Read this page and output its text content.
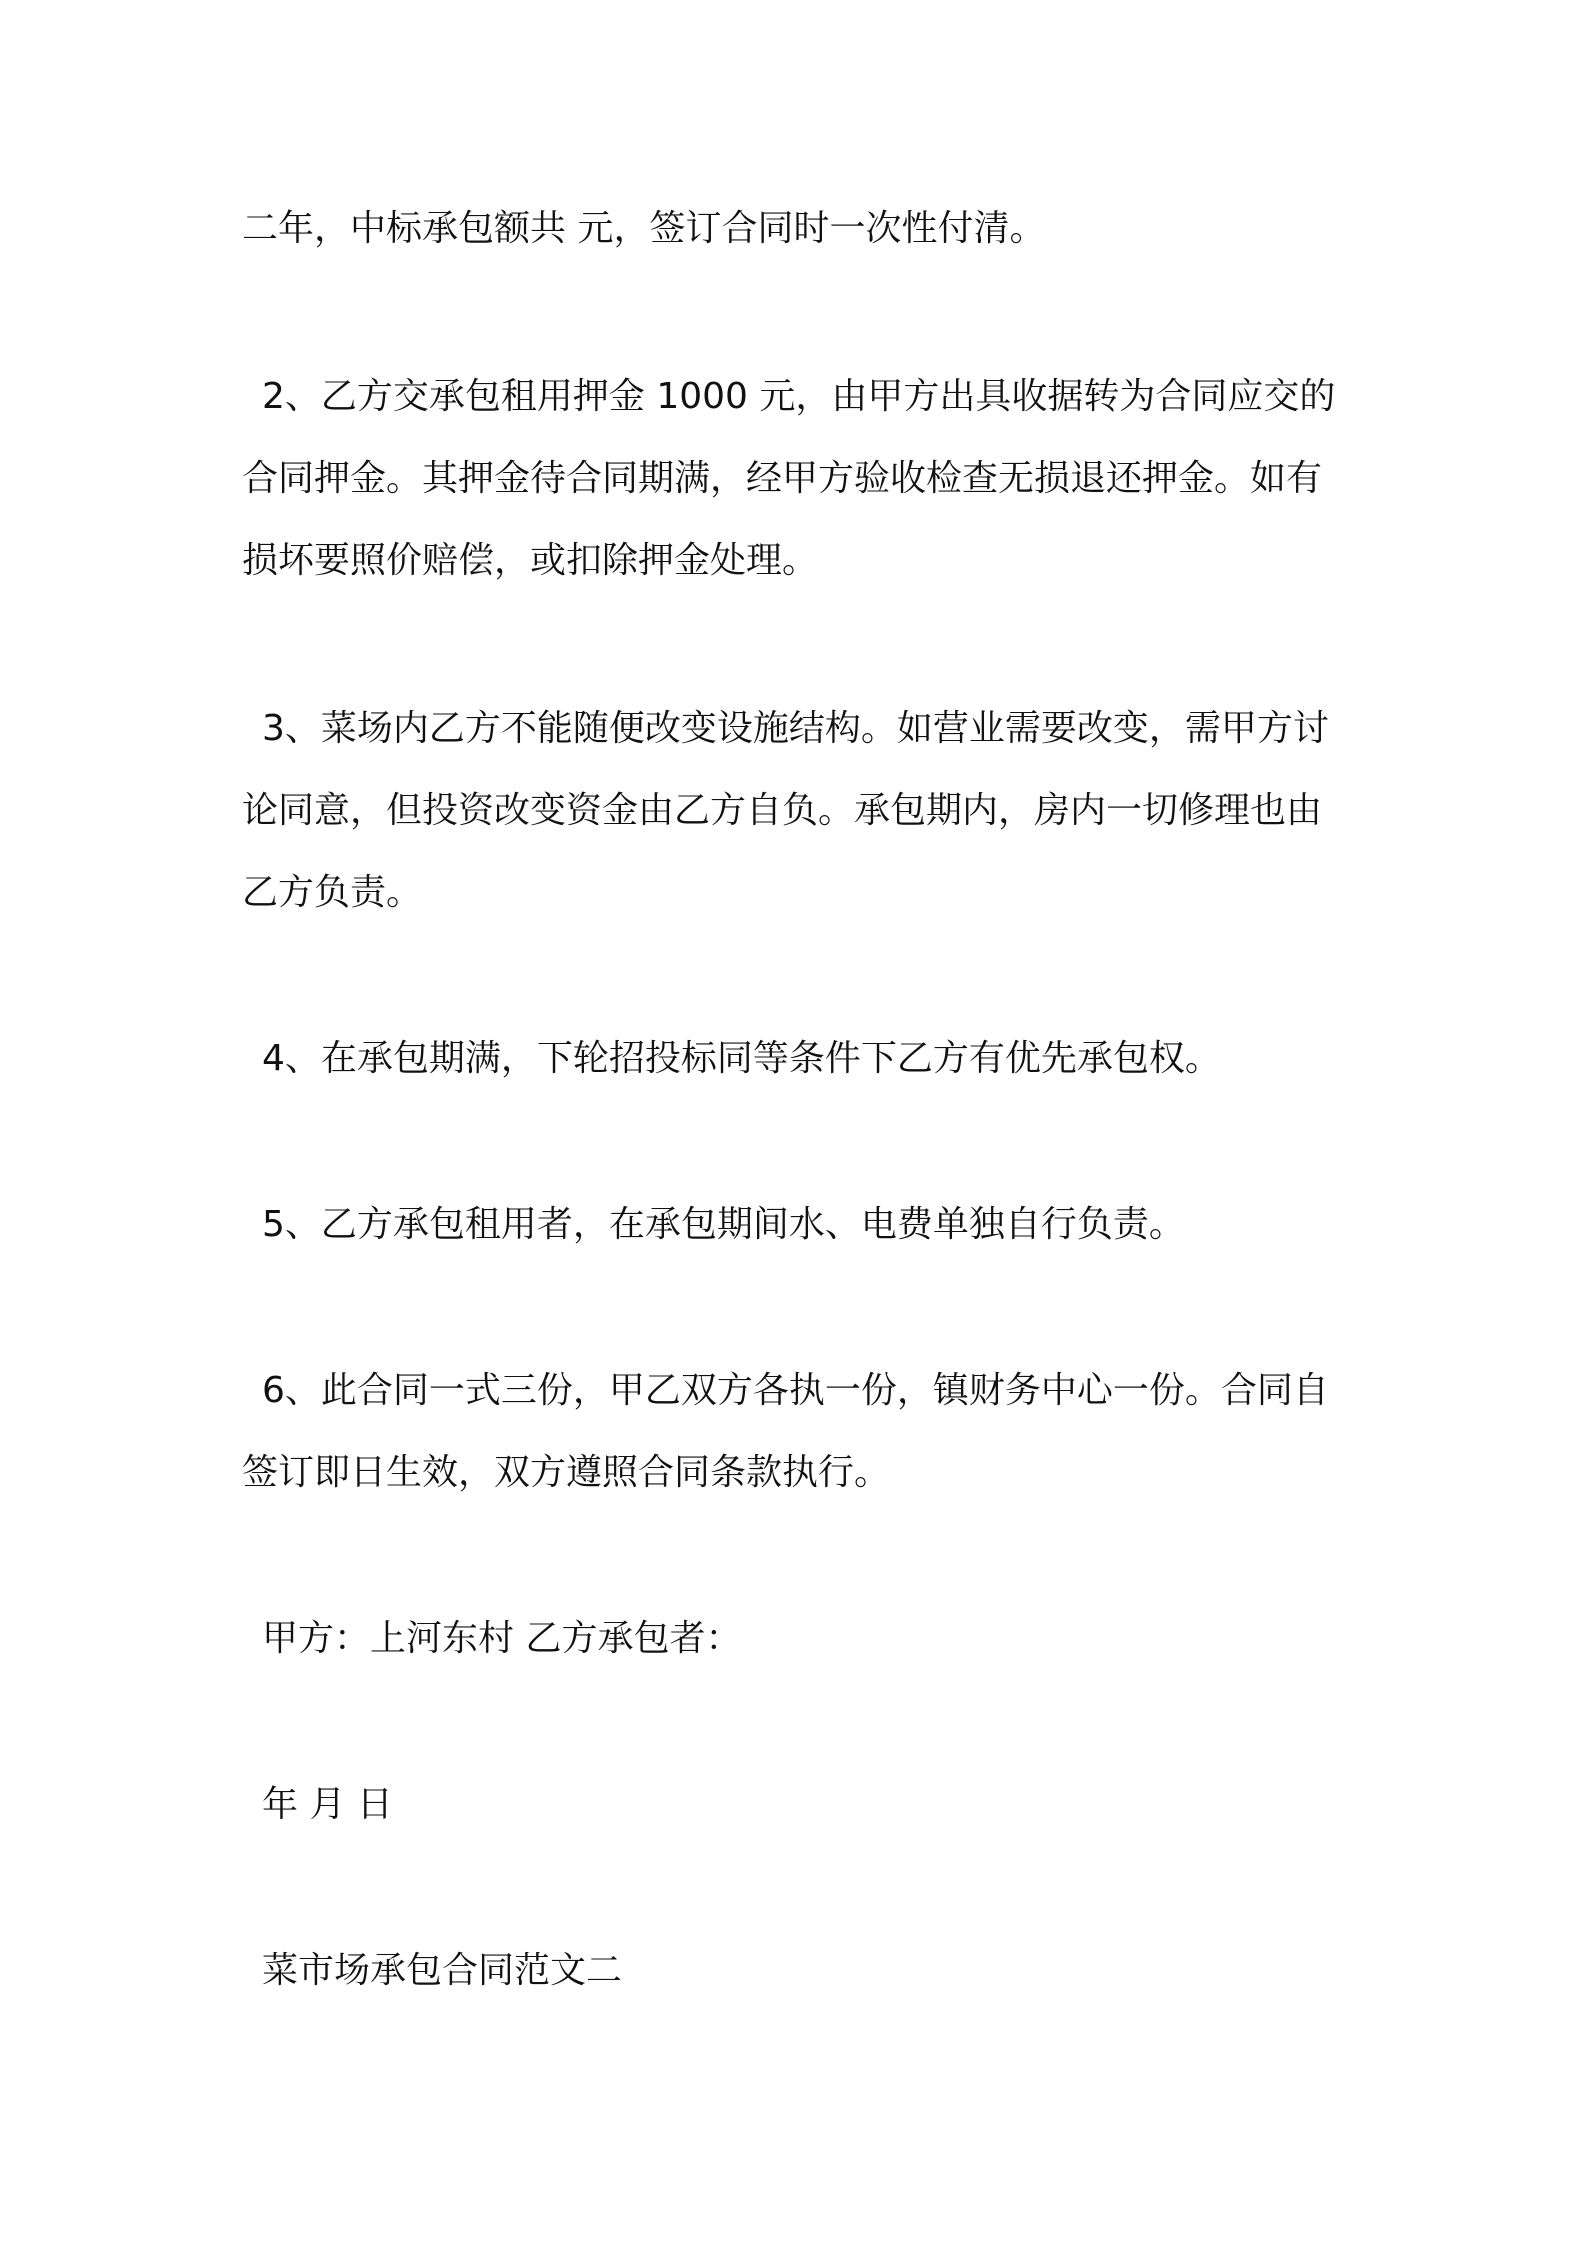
二年，中标承包额共 元，签订合同时一次性付清。
2、乙方交承包租用押金 1000 元，由甲方出具收据转为合同应交的
合同押金。其押金待合同期满，经甲方验收检查无损退还押金。如有
损坏要照价赔偿，或扣除押金处理。
3、菜场内乙方不能随便改变设施结构。如营业需要改变，需甲方讨
论同意，但投资改变资金由乙方自负。承包期内，房内一切修理也由
乙方负责。
4、在承包期满，下轮招投标同等条件下乙方有优先承包权。
5、乙方承包租用者，在承包期间水、电费单独自行负责。
6、此合同一式三份，甲乙双方各执一份，镇财务中心一份。合同自
签订即日生效，双方遵照合同条款执行。
甲方：上河东村 乙方承包者：
年 月 日
菜市场承包合同范文二
